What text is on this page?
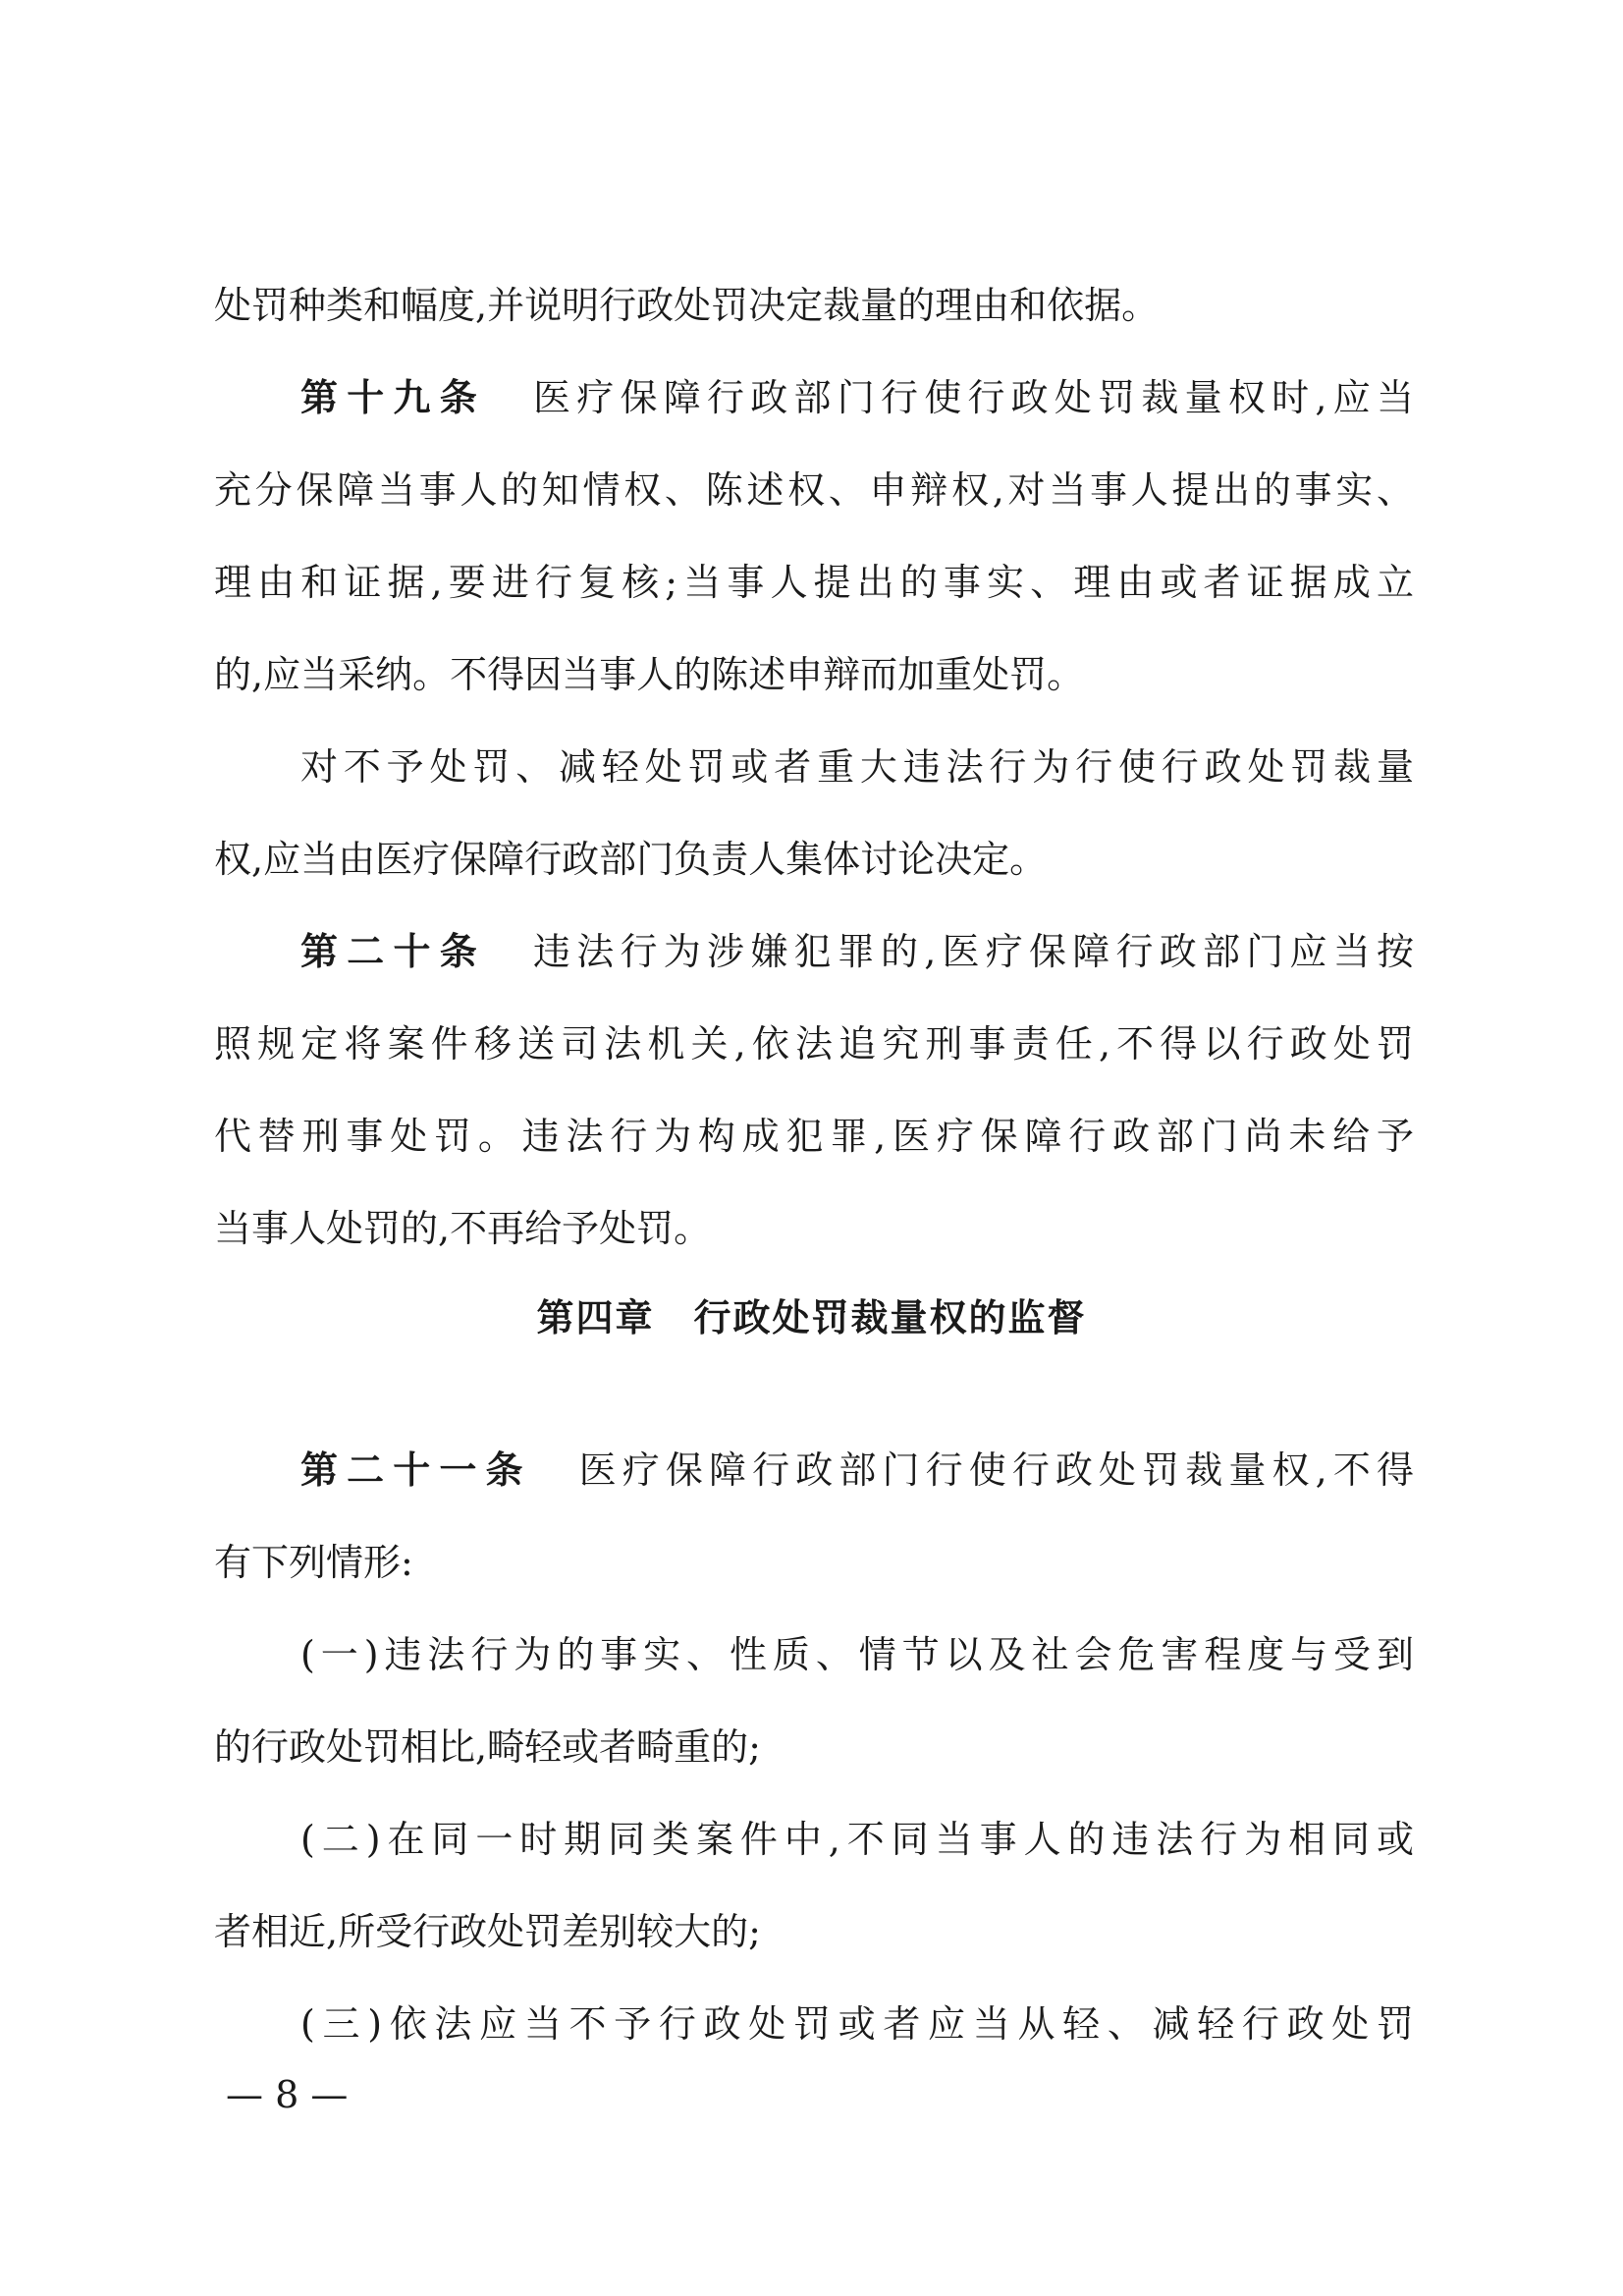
处罚种类和幅度,并说明行政处罚决定裁量的理由和依据。
第十九条 医疗保障行政部门行使行政处罚裁量权时,应当
充分保障当事人的知情权、陈述权、申辩权,对当事人提出的事实、
理由和证据,要进行复核;当事人提出的事实、理由或者证据成立
的,应当采纳。不得因当事人的陈述申辩而加重处罚。
对不予处罚、减轻处罚或者重大违法行为行使行政处罚裁量
权,应当由医疗保障行政部门负责人集体讨论决定。
第二十条 违法行为涉嫌犯罪的,医疗保障行政部门应当按
照规定将案件移送司法机关,依法追究刑事责任,不得以行政处罚
代替刑事处罚。违法行为构成犯罪,医疗保障行政部门尚未给予
当事人处罚的,不再给予处罚。
第四章 行政处罚裁量权的监督
第二十一条 医疗保障行政部门行使行政处罚裁量权,不得
有下列情形:
(一)违法行为的事实、性质、情节以及社会危害程度与受到
的行政处罚相比,畸轻或者畸重的;
(二)在同一时期同类案件中,不同当事人的违法行为相同或
者相近,所受行政处罚差别较大的;
(三)依法应当不予行政处罚或者应当从轻、减轻行政处罚
— 8 —
